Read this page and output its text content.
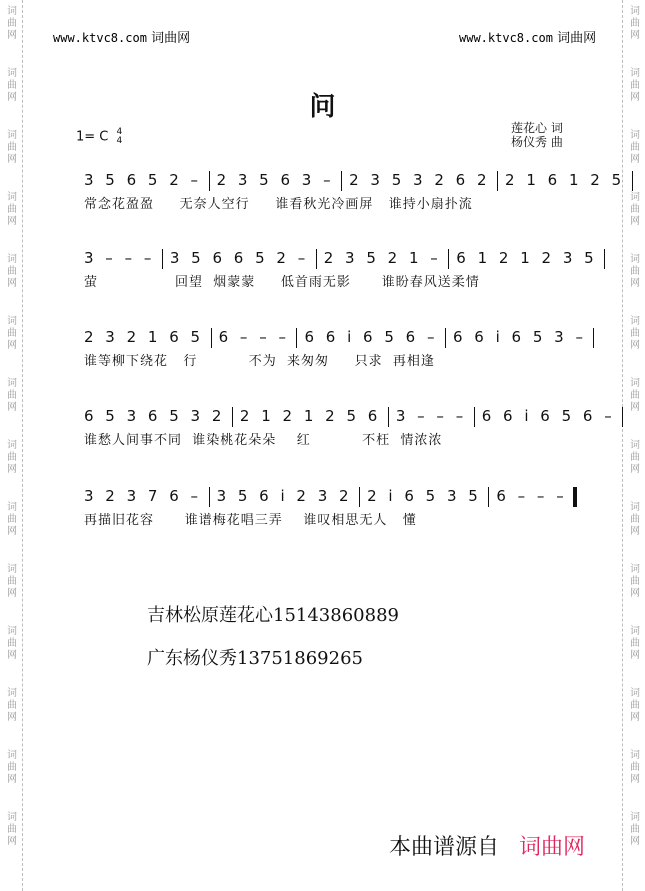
词
曲
网
词
曲
网
词
曲
网
词
曲
网
词
曲
网
词
曲
网
词
曲
网
词
曲
网
词
曲
网
词
曲
网
词
曲
网
词
曲
网
词
曲
网
词
曲
网
词
曲
网
词
曲
网
词
曲
网
词
曲
网
词
曲
网
词
曲
网
词
曲
网
词
曲
网
词
曲
网
词
曲
网
词
曲
网
词
曲
网
词
曲
网
词
曲
网
www.ktvc8.com 词曲网	www.ktvc8.com 词曲网
问
1= C 4
4
莲花心 词
杨仪秀 曲
3 5 6 5 2 – 2 3 5 6 3 – 2 3 5 3 2 6 2 2 1 6 1 2 5
常念花盈盈     无奈人空行     谁看秋光冷画屏   谁持小扇扑流
3 – – – 3 5 6 6 5 2 – 2 3 5 2 1 – 6 1 2 1 2 3 5
萤               回望  烟蒙蒙     低首雨无影      谁盼春风送柔情
2 3 2 1 6 5 6 – – – 6 6 i 6 5 6 – 6 6 i 6 5 3 –
谁等柳下绕花   行          不为  来匆匆     只求  再相逢
6 5 3 6 5 3 2 2 1 2 1 2 5 6 3 – – – 6 6 i 6 5 6 –
谁愁人间事不同  谁染桃花朵朵    红          不枉  情浓浓
3 2 3 7 6 – 3 5 6 i 2 3 2 2 i 6 5 3 5 6 – – –
再描旧花容      谁谱梅花唱三弄    谁叹相思无人   懂
吉林松原莲花心15143860889
广东杨仪秀13751869265
本曲谱源自 词曲网
